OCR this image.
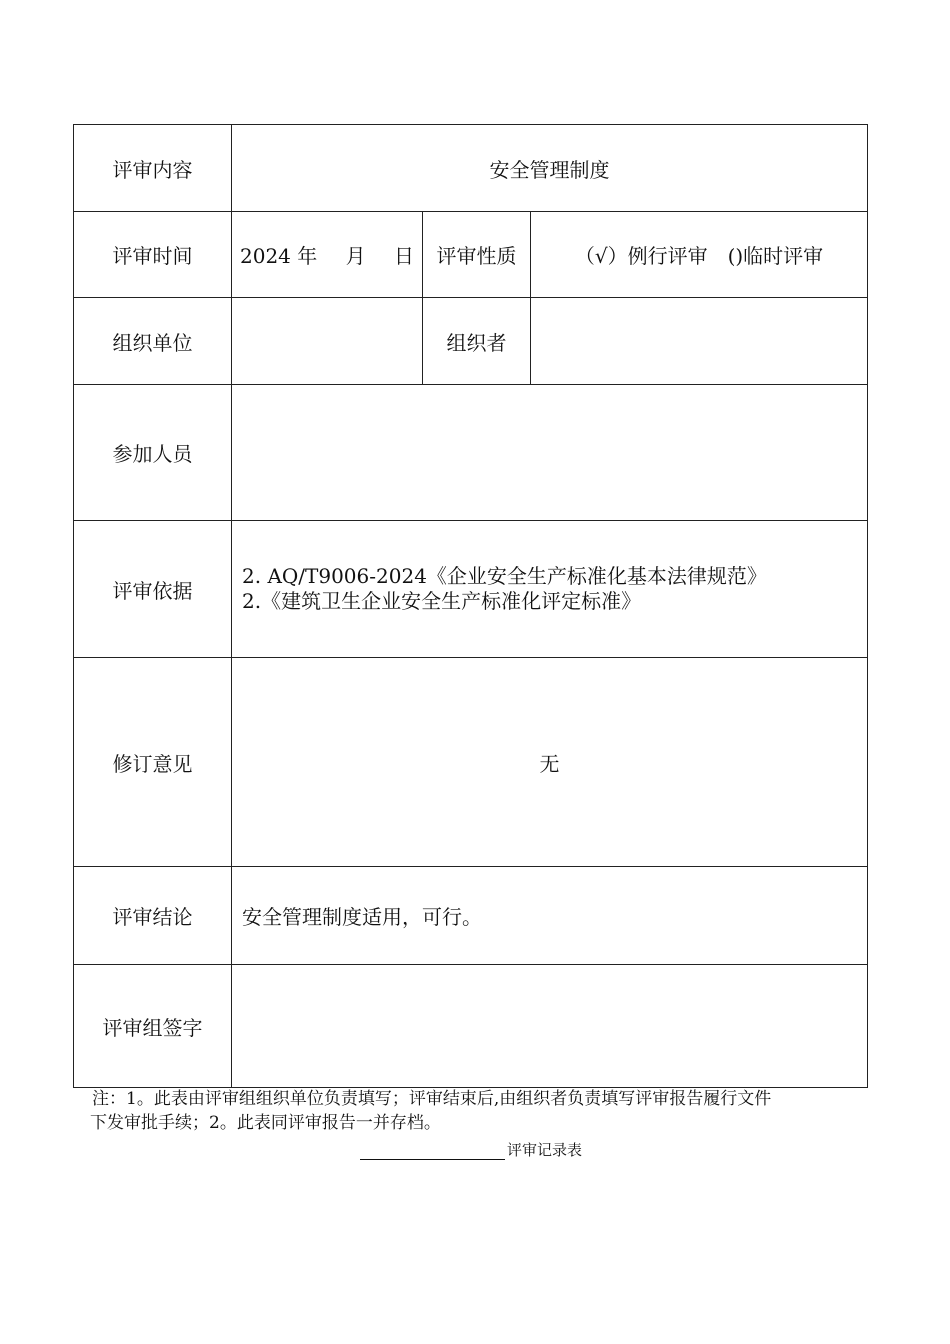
评审内容	安全管理制度		
评审时间	2024 年 月 日	评审性质	（√）例行评审　()临时评审
组织单位		组织者	
参加人员			
评审依据	2. AQ/T9006-2024《企业安全生产标准化基本法律规范》
2.《建筑卫生企业安全生产标准化评定标准》		

修订意见	无		
评审结论	安全管理制度适用，可行。		
评审组签字			
注：1。此表由评审组组织单位负责填写；评审结束后,由组织者负责填写评审报告履行文件
下发审批手续；2。此表同评审报告一并存档。
评审记录表
